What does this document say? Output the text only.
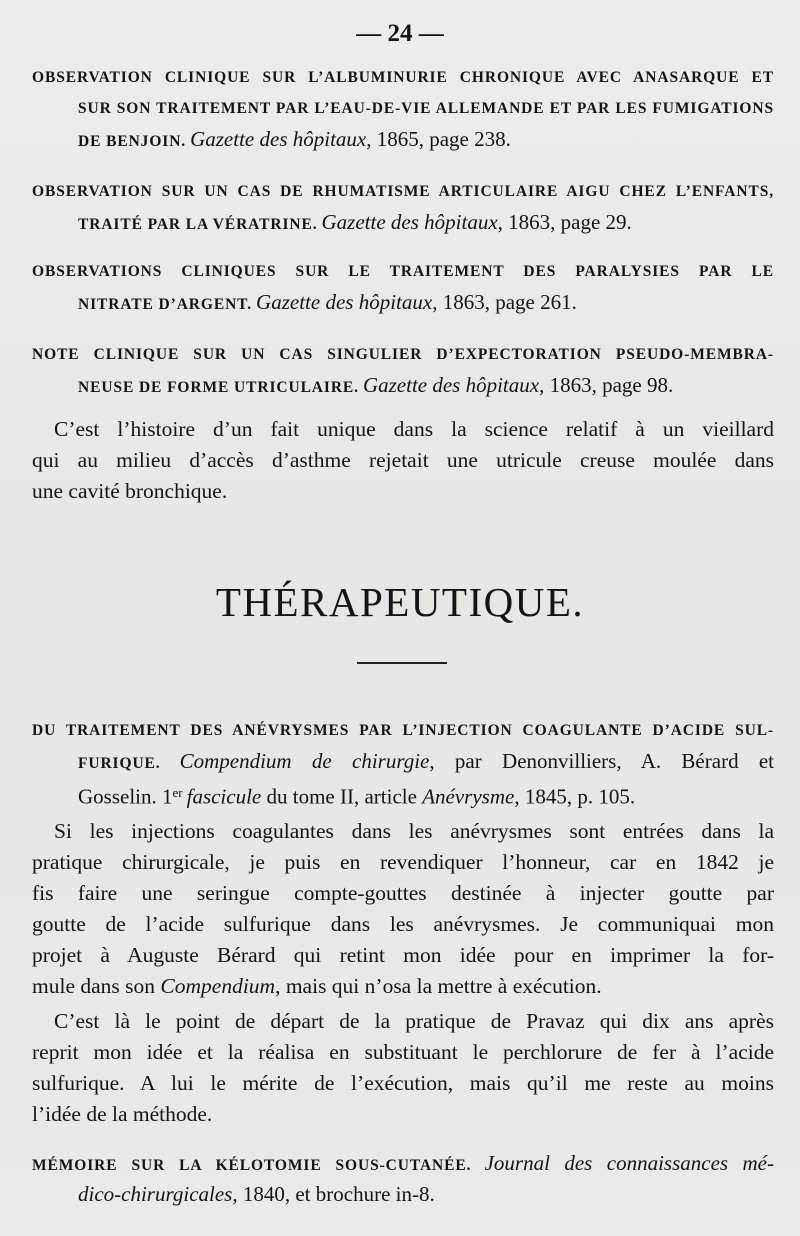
— 24 —
OBSERVATION CLINIQUE SUR L’ALBUMINURIE CHRONIQUE AVEC ANASARQUE ET
SUR SON TRAITEMENT PAR L’EAU-DE-VIE ALLEMANDE ET PAR LES FUMIGATIONS
DE BENJOIN. Gazette des hôpitaux, 1865, page 238.
OBSERVATION SUR UN CAS DE RHUMATISME ARTICULAIRE AIGU CHEZ L’ENFANTS,
TRAITÉ PAR LA VÉRATRINE. Gazette des hôpitaux, 1863, page 29.
OBSERVATIONS CLINIQUES SUR LE TRAITEMENT DES PARALYSIES PAR LE
NITRATE D’ARGENT. Gazette des hôpitaux, 1863, page 261.
NOTE CLINIQUE SUR UN CAS SINGULIER D’EXPECTORATION PSEUDO-MEMBRA-
NEUSE DE FORME UTRICULAIRE. Gazette des hôpitaux, 1863, page 98.
C’est l’histoire d’un fait unique dans la science relatif à un vieillard
qui au milieu d’accès d’asthme rejetait une utricule creuse moulée dans
une cavité bronchique.
THÉRAPEUTIQUE.
DU TRAITEMENT DES ANÉVRYSMES PAR L’INJECTION COAGULANTE D’ACIDE SUL-
FURIQUE. Compendium de chirurgie, par Denonvilliers, A. Bérard et
Gosselin. 1er fascicule du tome II, article Anévrysme, 1845, p. 105.
Si les injections coagulantes dans les anévrysmes sont entrées dans la
pratique chirurgicale, je puis en revendiquer l’honneur, car en 1842 je
fis faire une seringue compte-gouttes destinée à injecter goutte par
goutte de l’acide sulfurique dans les anévrysmes. Je communiquai mon
projet à Auguste Bérard qui retint mon idée pour en imprimer la for-
mule dans son Compendium, mais qui n’osa la mettre à exécution.
C’est là le point de départ de la pratique de Pravaz qui dix ans après
reprit mon idée et la réalisa en substituant le perchlorure de fer à l’acide
sulfurique. A lui le mérite de l’exécution, mais qu’il me reste au moins
l’idée de la méthode.
MÉMOIRE SUR LA KÉLOTOMIE SOUS-CUTANÉE. Journal des connaissances mé-
dico-chirurgicales, 1840, et brochure in-8.
